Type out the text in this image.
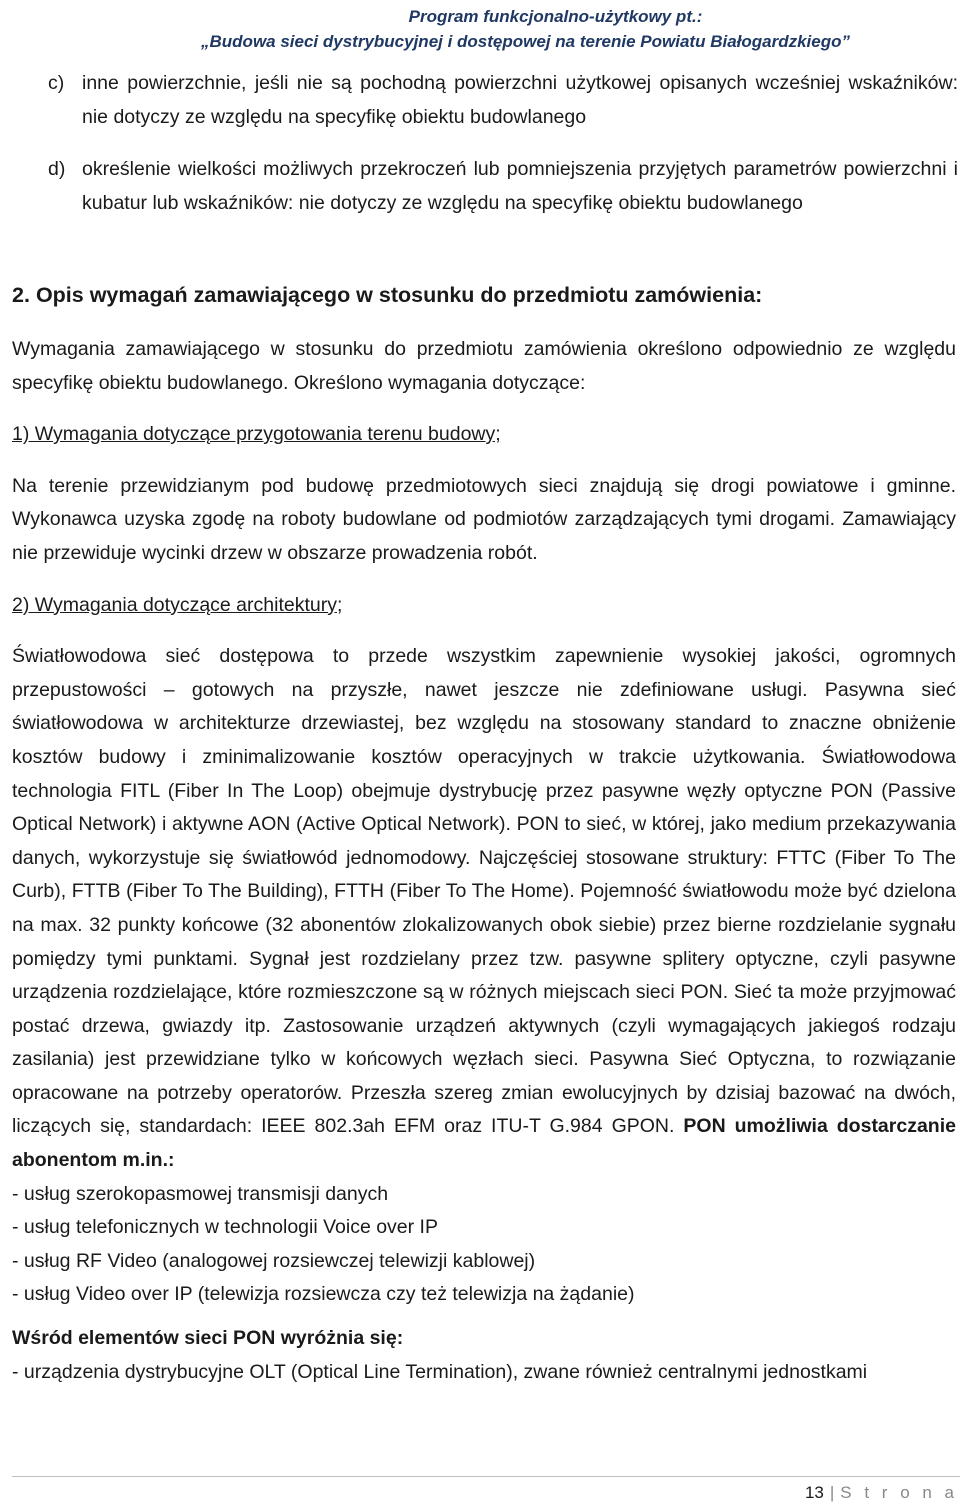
Program funkcjonalno-użytkowy pt.:
„Budowa sieci dystrybucyjnej i dostępowej na terenie Powiatu Białogardzkiego”
c) inne powierzchnie, jeśli nie są pochodną powierzchni użytkowej opisanych wcześniej wskaźników: nie dotyczy ze względu na specyfikę obiektu budowlanego
d) określenie wielkości możliwych przekroczeń lub pomniejszenia przyjętych parametrów powierzchni i kubatur lub wskaźników: nie dotyczy ze względu na specyfikę obiektu budowlanego
2. Opis wymagań zamawiającego w stosunku do przedmiotu zamówienia:

Wymagania zamawiającego w stosunku do przedmiotu zamówienia określono odpowiednio ze względu specyfikę obiektu budowlanego. Określono wymagania dotyczące:

1) Wymagania dotyczące przygotowania terenu budowy;

Na terenie przewidzianym pod budowę przedmiotowych sieci znajdują się drogi powiatowe i gminne. Wykonawca uzyska zgodę na roboty budowlane od podmiotów zarządzających tymi drogami. Zamawiający nie przewiduje wycinki drzew w obszarze prowadzenia robót.

2) Wymagania dotyczące architektury;

Światłowodowa sieć dostępowa to przede wszystkim zapewnienie wysokiej jakości, ogromnych przepustowości – gotowych na przyszłe, nawet jeszcze nie zdefiniowane usługi. Pasywna sieć światłowodowa w architekturze drzewiastej, bez względu na stosowany standard to znaczne obniżenie kosztów budowy i zminimalizowanie kosztów operacyjnych w trakcie użytkowania. Światłowodowa technologia FITL (Fiber In The Loop) obejmuje dystrybucję przez pasywne węzły optyczne PON (Passive Optical Network) i aktywne AON (Active Optical Network). PON to sieć, w której, jako medium przekazywania danych, wykorzystuje się światłowód jednomodowy. Najczęściej stosowane struktury: FTTC (Fiber To The Curb), FTTB (Fiber To The Building), FTTH (Fiber To The Home). Pojemność światłowodu może być dzielona na max. 32 punkty końcowe (32 abonentów zlokalizowanych obok siebie) przez bierne rozdzielanie sygnału pomiędzy tymi punktami. Sygnał jest rozdzielany przez tzw. pasywne splitery optyczne, czyli pasywne urządzenia rozdzielające, które rozmieszczone są w różnych miejscach sieci PON. Sieć ta może przyjmować postać drzewa, gwiazdy itp. Zastosowanie urządzeń aktywnych (czyli wymagających jakiegoś rodzaju zasilania) jest przewidziane tylko w końcowych węzłach sieci. Pasywna Sieć Optyczna, to rozwiązanie opracowane na potrzeby operatorów. Przeszła szereg zmian ewolucyjnych by dzisiaj bazować na dwóch, liczących się, standardach: IEEE 802.3ah EFM oraz ITU-T G.984 GPON. PON umożliwia dostarczanie abonentom m.in.:

- usług szerokopasmowej transmisji danych
- usług telefonicznych w technologii Voice over IP
- usług RF Video (analogowej rozsiewczej telewizji kablowej)
- usług Video over IP (telewizja rozsiewcza czy też telewizja na żądanie)

Wśród elementów sieci PON wyróżnia się:

- urządzenia dystrybucyjne OLT (Optical Line Termination), zwane również centralnymi jednostkami

13 | S t r o n a
